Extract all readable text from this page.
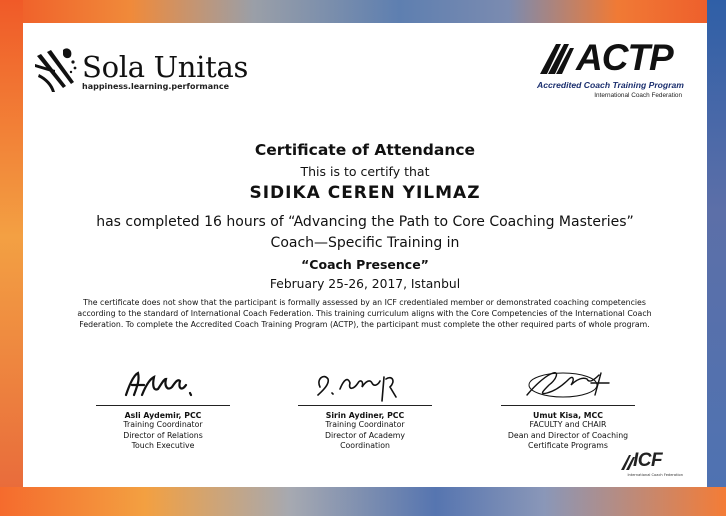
Sola Unitas
happiness.learning.performance
ACTP
Accredited Coach Training Program
International Coach Federation
Certificate of Attendance
This is to certify that
SIDIKA CEREN YILMAZ
has completed 16 hours of “Advancing the Path to Core Coaching Masteries”
Coach—Specific Training in
“Coach Presence”
February 25-26, 2017, Istanbul
The certificate does not show that the participant is formally assessed by an ICF credentialed member or demonstrated coaching competencies according to the standard of International Coach Federation. This training curriculum aligns with the Core Competencies of the International Coach Federation. To complete the Accredited Coach Training Program (ACTP), the participant must complete the other required parts of whole program.
Asli Aydemir, PCC
Training Coordinator
Director of Relations
Touch Executive
Sirin Aydiner, PCC
Training Coordinator
Director of Academy
Coordination
Umut Kisa, MCC
FACULTY and CHAIR
Dean and Director of Coaching
Certificate Programs
ICF
International Coach Federation
